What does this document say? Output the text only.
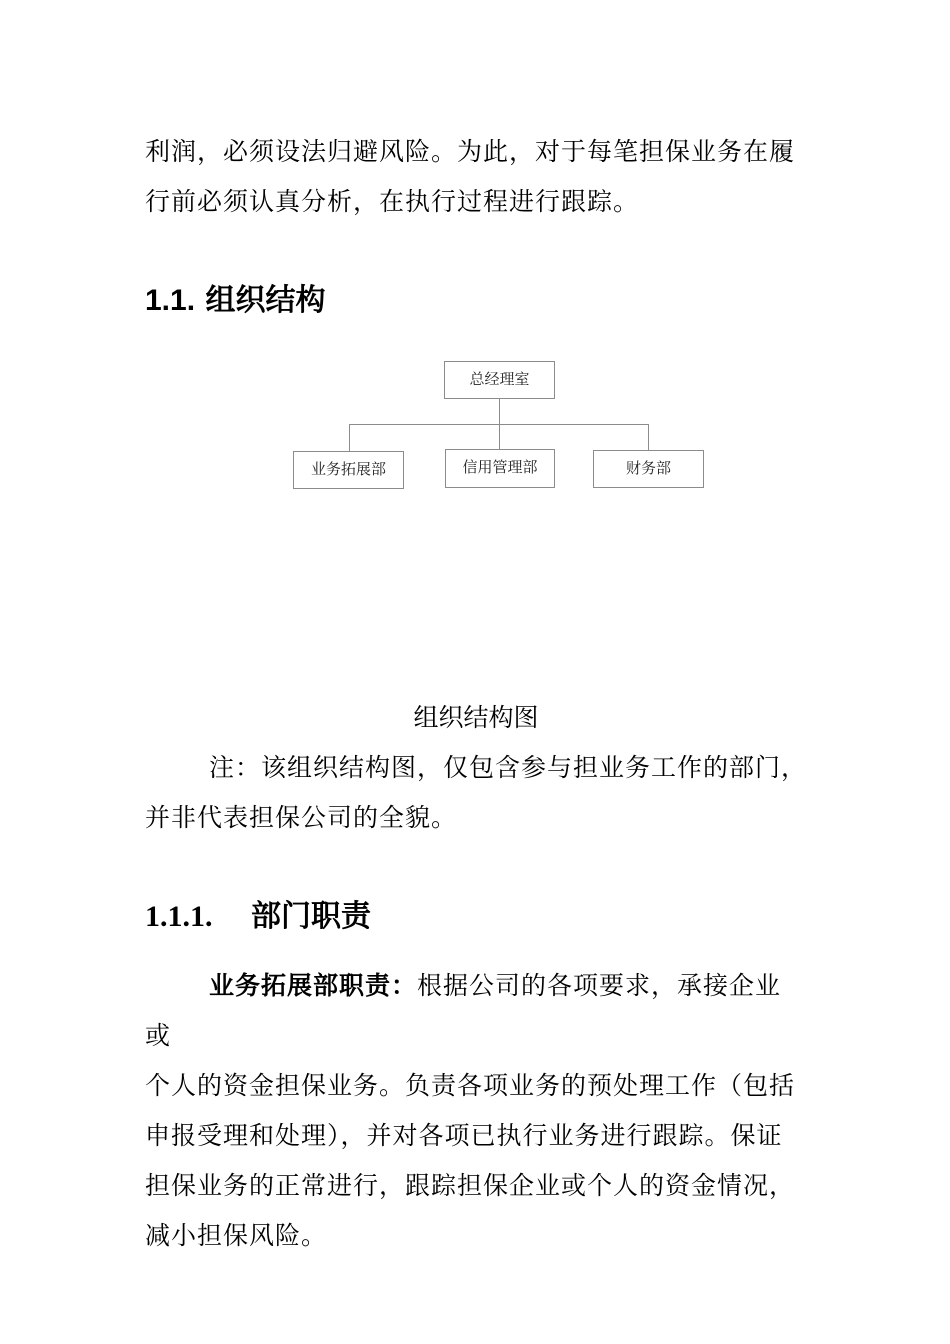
利润，必须设法归避风险。为此，对于每笔担保业务在履
行前必须认真分析，在执行过程进行跟踪。
1.1. 组织结构
总经理室
业务拓展部	信用管理部	财务部

组织结构图

注：该组织结构图，仅包含参与担业务工作的部门，
并非代表担保公司的全貌。
1.1.1. 部门职责
业务拓展部职责：根据公司的各项要求，承接企业或
个人的资金担保业务。负责各项业务的预处理工作（包括
申报受理和处理），并对各项已执行业务进行跟踪。保证
担保业务的正常进行，跟踪担保企业或个人的资金情况，
减小担保风险。
